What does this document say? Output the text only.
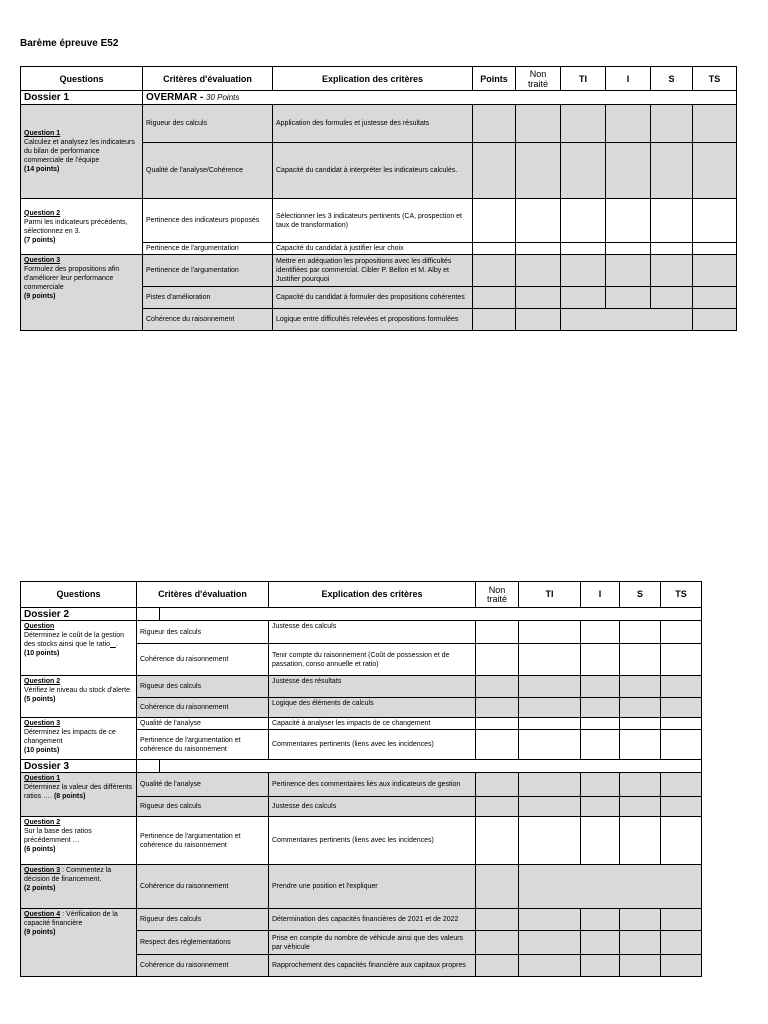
Barème épreuve E52
Questions	Critères d'évaluation	Explication des critères	Points	Non traité	TI	I	S	TS
Dossier 1	OVERMAR - 30 Points							

Question 1
Calculez et analysez les indicateurs du bilan de performance commerciale de l'équipe
(14 points)	Rigueur des calculs	Application des formules et justesse des résultats						
	Qualité de l'analyse/Cohérence	Capacité du candidat à interpréter les indicateurs calculés.						

Question 2
Parmi les indicateurs précédents, sélectionnez en 3.
(7 points)	Pertinence des indicateurs proposés	Sélectionner les 3 indicateurs pertinents (CA, prospection et taux de transformation)						
	Pertinence de l'argumentation	Capacité du candidat à justifier leur choix						

Question 3
Formulez des propositions afin d'améliorer leur performance commerciale
(9 points)	Pertinence de l'argumentation	Mettre en adéquation les propositions avec les difficultés identifiées par commercial. Cibler P. Bellon et M. Alby et Justifier pourquoi						
	Pistes d'amélioration	Capacité du candidat à formuler des propositions cohérentes						
	Cohérence du raisonnement	Logique entre difficultés relevées et propositions formulées						
Questions	Critères d'évaluation	Explication des critères	Non traité	TI	I	S	TS
Dossier 2							

Question
Déterminez le coût de la gestion des stocks ainsi que le ratio .
(10 points)	Rigueur des calculs	Justesse des calculs					
	Cohérence du raisonnement	Tenir compte du raisonnement (Coût de possession et de passation, conso annuelle et ratio)					

Question 2
Vérifiez le niveau du stock d'alerte
(5 points)	Rigueur des calculs	Justesse des résultats					
	Cohérence du raisonnement	Logique des éléments de calculs					

Question 3
Déterminez les impacts de ce changement
(10 points)	Qualité de l'analyse	Capacité à analyser les impacts de ce changement					
	Pertinence de l'argumentation et cohérence du raisonnement	Commentaires pertinents (liens avec les incidences)					
Dossier 3							

Question 1
Déterminez la valeur des différents ratios …. (8 points)	Qualité de l'analyse	Pertinence des commentaires liés aux indicateurs de gestion					
	Rigueur des calculs	Justesse des calculs					

Question 2
Sur la base des ratios précédemment …
(6 points)	Pertinence de l'argumentation et cohérence du raisonnement	Commentaires pertinents (liens avec les incidences)					

Question 3 : Commentez la décision de financement.
(2 points)	Cohérence du raisonnement	Prendre une position et l'expliquer					

Question 4 : Vérification de la capacité financière
(9 points)	Rigueur des calculs	Détermination des capacités financières de 2021 et de 2022					
	Respect des réglementations	Prise en compte du nombre de véhicule ainsi que des valeurs par véhicule					
	Cohérence du raisonnement	Rapprochement des capacités financière aux capitaux propres					
